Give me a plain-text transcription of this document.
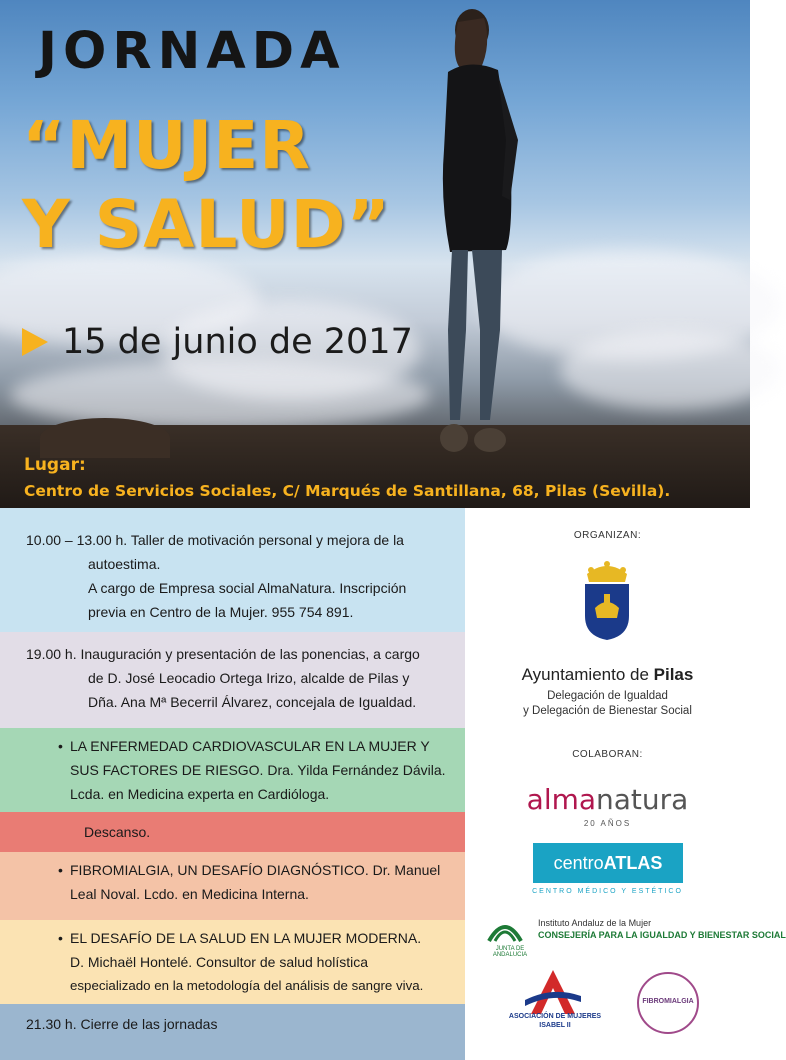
JORNADA
“MUJER
Y SALUD”
15 de junio de 2017

Lugar:

Centro de Servicios Sociales, C/ Marqués de Santillana, 68, Pilas (Sevilla).

10.00 – 13.00 h. Taller de motivación personal y mejora de la
autoestima.
A cargo de Empresa social AlmaNatura. Inscripción
previa en Centro de la Mujer. 955 754 891.
19.00 h. Inauguración y presentación de las ponencias, a cargo
de D. José Leocadio Ortega Irizo, alcalde de Pilas y
Dña. Ana Mª Becerril Álvarez, concejala de Igualdad.
• LA ENFERMEDAD CARDIOVASCULAR EN LA MUJER Y
SUS FACTORES DE RIESGO. Dra. Yilda Fernández Dávila.
Lcda. en Medicina experta en Cardióloga.
Descanso.
• FIBROMIALGIA, UN DESAFÍO DIAGNÓSTICO. Dr. Manuel
Leal Noval. Lcdo. en Medicina Interna.
• EL DESAFÍO DE LA SALUD EN LA MUJER MODERNA.
D. Michaël Hontelé. Consultor de salud holística
especializado en la metodología del análisis de sangre viva.
21.30 h. Cierre de las jornadas
ORGANIZAN:
Ayuntamiento de Pilas
Delegación de Igualdad
y Delegación de Bienestar Social
COLABORAN:
almanatura
20 AÑOS
centroATLAS
CENTRO MÉDICO Y ESTÉTICO
JUNTA DE ANDALUCIA
Instituto Andaluz de la Mujer
CONSEJERÍA PARA LA IGUALDAD Y BIENESTAR SOCIAL
ASOCIACIÓN DE MUJERES
ISABEL II
FIBROMIALGIA
